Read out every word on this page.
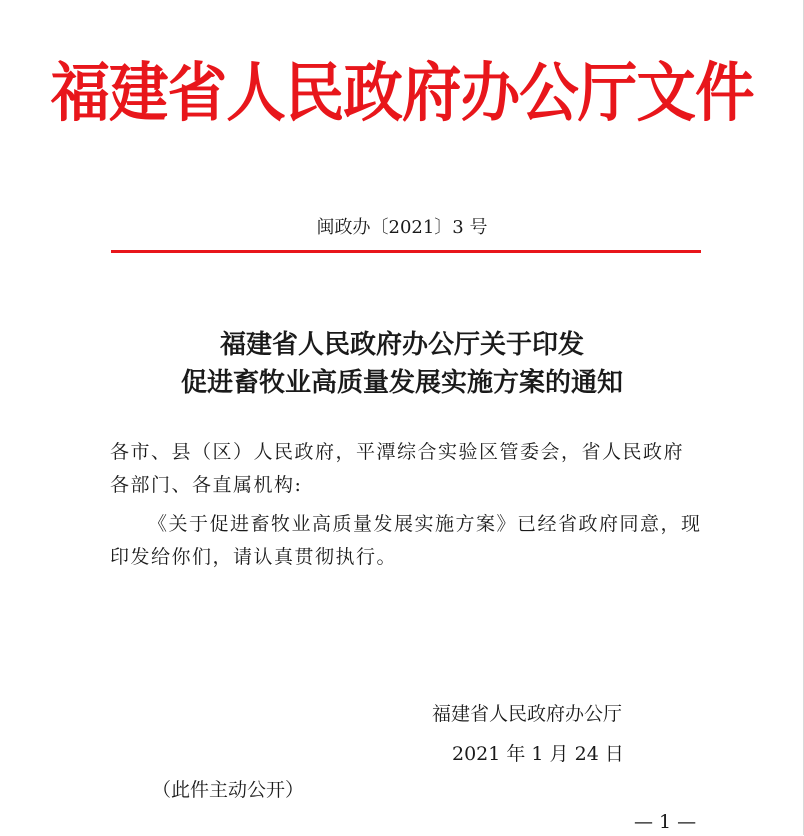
福建省人民政府办公厅文件
闽政办〔2021〕3 号
福建省人民政府办公厅关于印发
促进畜牧业高质量发展实施方案的通知
各市、县（区）人民政府，平潭综合实验区管委会，省人民政府各部门、各直属机构:
《关于促进畜牧业高质量发展实施方案》已经省政府同意，现印发给你们，请认真贯彻执行。
福建省人民政府办公厅
2021 年 1 月 24 日
（此件主动公开）
— 1 —
